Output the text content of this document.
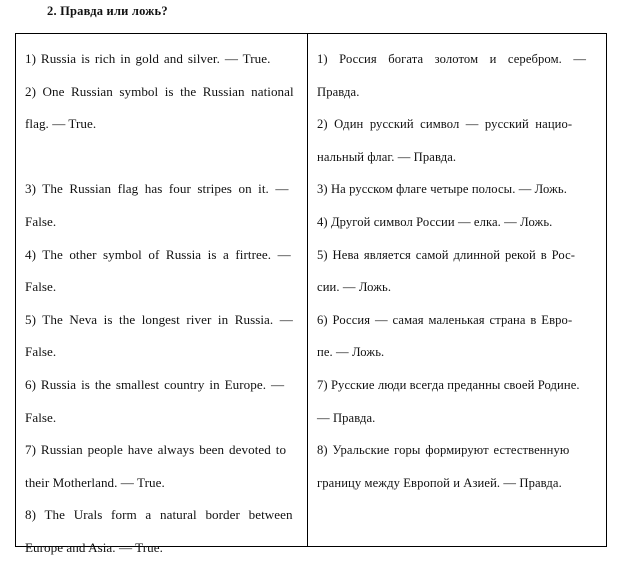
2. Правда или ложь?
1) Russia is rich in gold and silver. — True.
2) One Russian symbol is the Russian national
flag. — True.
3) The Russian flag has four stripes on it. —
False.
4) The other symbol of Russia is a firtree. —
False.
5) The Neva is the longest river in Russia. —
False.
6) Russia is the smallest country in Europe. —
False.
7) Russian people have always been devoted to
their Motherland. — True.
8) The Urals form a natural border between
Europe and Asia. — True.
1) Россия богата золотом и серебром. —
Правда.
2) Один русский символ — русский нацио-
нальный флаг. — Правда.
3) На русском флаге четыре полосы. — Ложь.
4) Другой символ России — елка. — Ложь.
5) Нева является самой длинной рекой в Рос-
сии. — Ложь.
6) Россия — самая маленькая страна в Евро-
пе. — Ложь.
7) Русские люди всегда преданны своей Родине.
— Правда.
8) Уральские горы формируют естественную
границу между Европой и Азией. — Правда.
